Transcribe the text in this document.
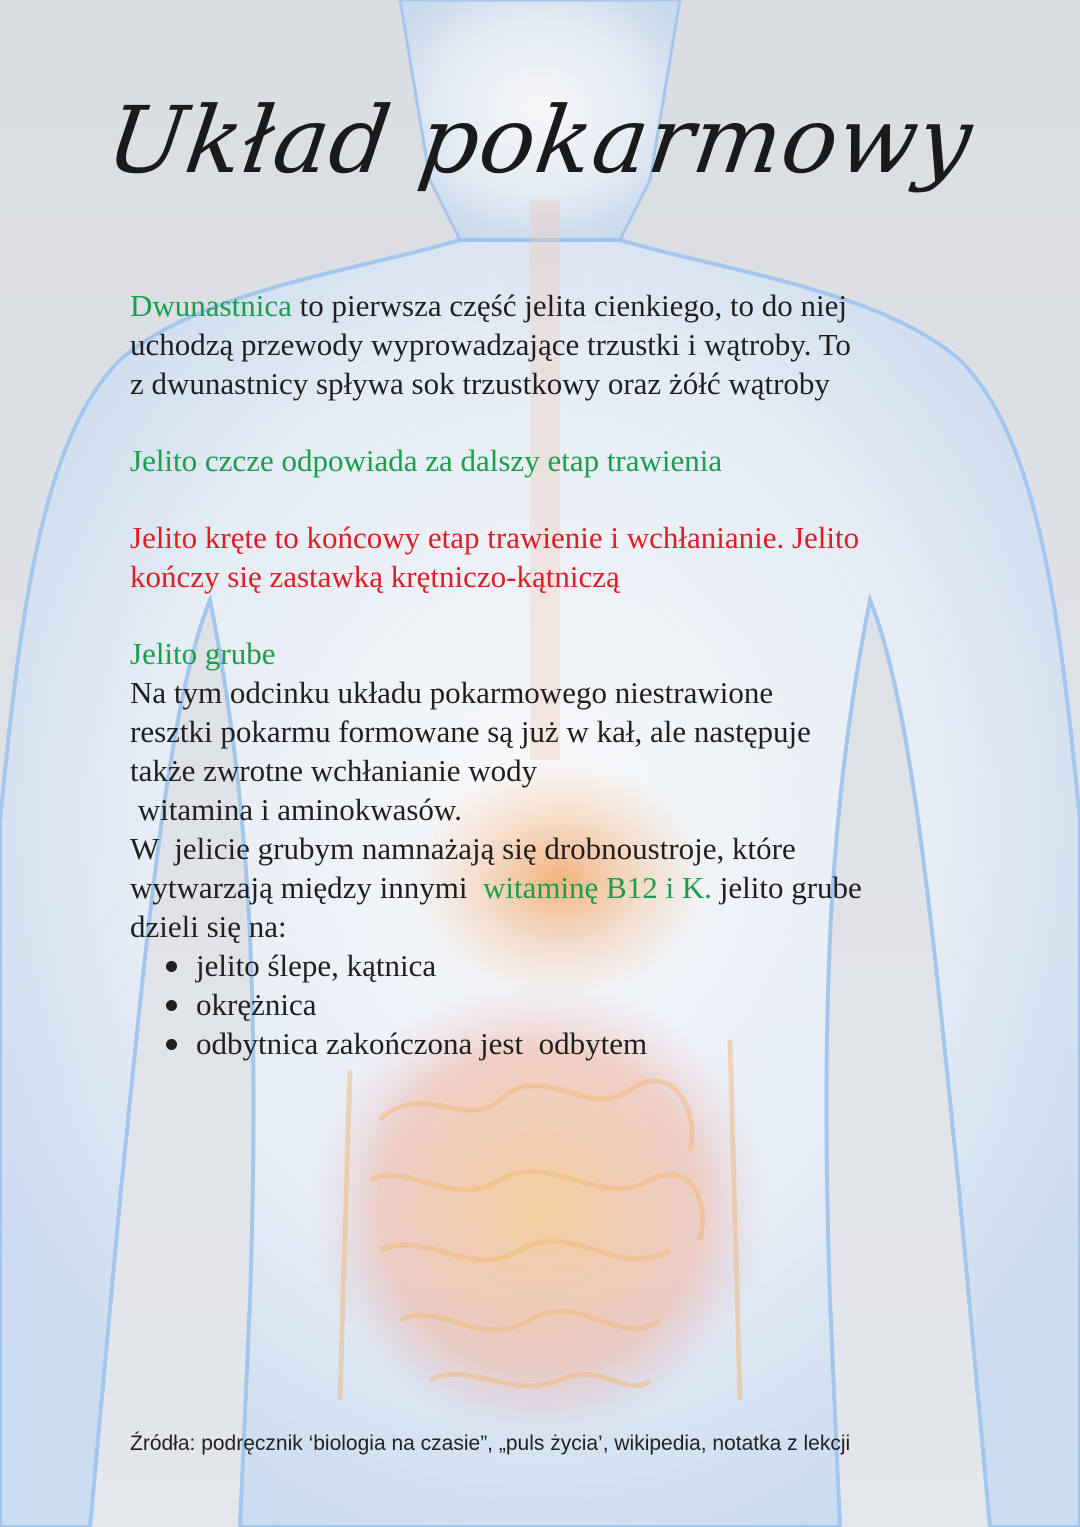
Układ pokarmowy

Dwunastnica to pierwsza część jelita cienkiego, to do niej

uchodzą przewody wyprowadzające trzustki i wątroby. To

z dwunastnicy spływa sok trzustkowy oraz żółć wątroby

Jelito czcze odpowiada za dalszy etap trawienia

Jelito kręte to końcowy etap trawienie i wchłanianie. Jelito

kończy się zastawką krętniczo-kątniczą

Jelito grube

Na tym odcinku układu pokarmowego niestrawione

resztki pokarmu formowane są już w kał, ale następuje

także zwrotne wchłanianie wody

witamina i aminokwasów.

W  jelicie grubym namnażają się drobnoustroje, które

wytwarzają między innymi  witaminę B12 i K. jelito grube

dzieli się na:

jelito ślepe, kątnica
okrężnica
odbytnica zakończona jest  odbytem
Źródła: podręcznik ‘biologia na czasie”, „puls życia’, wikipedia, notatka z lekcji
